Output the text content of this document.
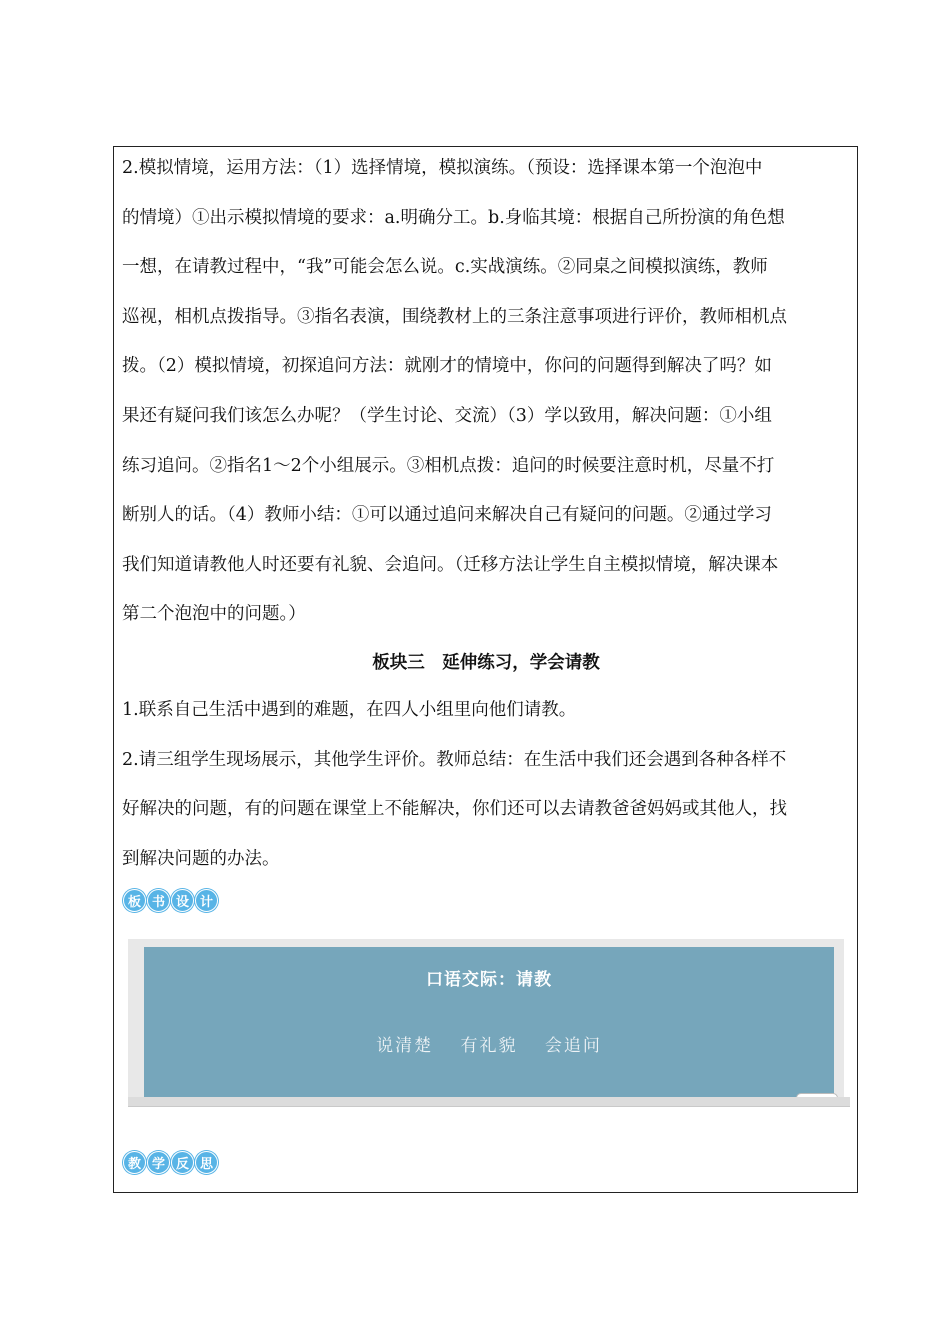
2.模拟情境，运用方法：（1）选择情境，模拟演练。（预设：选择课本第一个泡泡中
的情境）①出示模拟情境的要求：a.明确分工。b.身临其境：根据自己所扮演的角色想
一想，在请教过程中，“我”可能会怎么说。c.实战演练。②同桌之间模拟演练，教师
巡视，相机点拨指导。③指名表演，围绕教材上的三条注意事项进行评价，教师相机点
拨。（2）模拟情境，初探追问方法：就刚才的情境中，你问的问题得到解决了吗？如
果还有疑问我们该怎么办呢？（学生讨论、交流）（3）学以致用，解决问题：①小组
练习追问。②指名1～2个小组展示。③相机点拨：追问的时候要注意时机，尽量不打
断别人的话。（4）教师小结：①可以通过追问来解决自己有疑问的问题。②通过学习
我们知道请教他人时还要有礼貌、会追问。（迁移方法让学生自主模拟情境，解决课本
第二个泡泡中的问题。）
板块三　延伸练习，学会请教
1.联系自己生活中遇到的难题，在四人小组里向他们请教。
2.请三组学生现场展示，其他学生评价。教师总结：在生活中我们还会遇到各种各样不
好解决的问题，有的问题在课堂上不能解决，你们还可以去请教爸爸妈妈或其他人，找
到解决问题的办法。
板 书 设 计
口语交际：请教
说清楚 有礼貌 会追问
教 学 反 思
